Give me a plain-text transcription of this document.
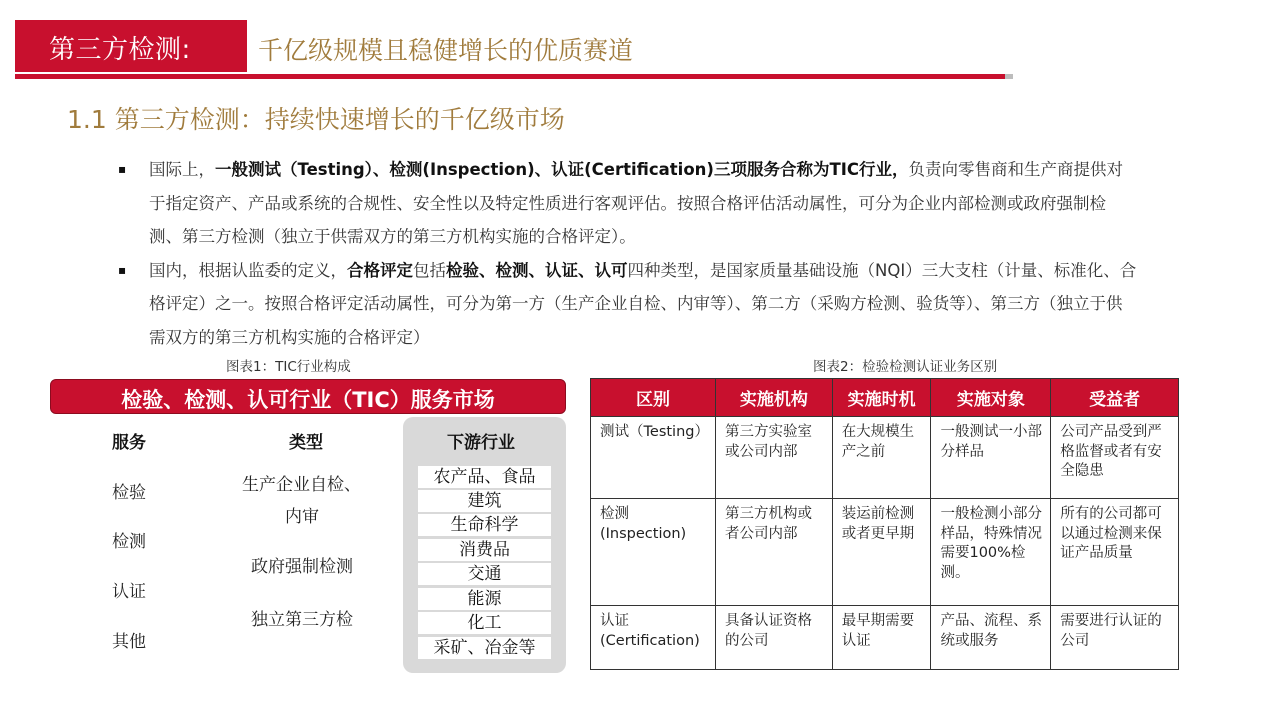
第三方检测:	千亿级规模且稳健增长的优质赛道
1.1 第三方检测：持续快速增长的千亿级市场
▪ 国际上，一般测试（Testing）、检测(Inspection)、认证(Certification)三项服务合称为TIC行业，负责向零售商和生产商提供对于指定资产、产品或系统的合规性、安全性以及特定性质进行客观评估。按照合格评估活动属性，可分为企业内部检测或政府强制检测、第三方检测（独立于供需双方的第三方机构实施的合格评定）。
▪ 国内，根据认监委的定义，合格评定包括检验、检测、认证、认可四种类型，是国家质量基础设施（NQI）三大支柱（计量、标准化、合格评定）之一。按照合格评定活动属性，可分为第一方（生产企业自检、内审等）、第二方（采购方检测、验货等）、第三方（独立于供需双方的第三方机构实施的合格评定）
图表1：TIC行业构成	图表2：检验检测认证业务区别
检验、检测、认可行业（TIC）服务市场
服务	类型	下游行业
检验
检测
认证
其他
生产企业自检、
内审
政府强制检测
独立第三方检
农产品、食品
建筑
生命科学
消费品
交通
能源
化工
采矿、冶金等
区别	实施机构	实施时机	实施对象	受益者
测试（Testing）	第三方实验室或公司内部	在大规模生产之前	一般测试一小部分样品	公司产品受到严格监督或者有安全隐患
检测(Inspection)	第三方机构或者公司内部	装运前检测或者更早期	一般检测小部分样品，特殊情况需要100%检测。	所有的公司都可以通过检测来保证产品质量
认证(Certification)	具备认证资格的公司	最早期需要认证	产品、流程、系统或服务	需要进行认证的公司
